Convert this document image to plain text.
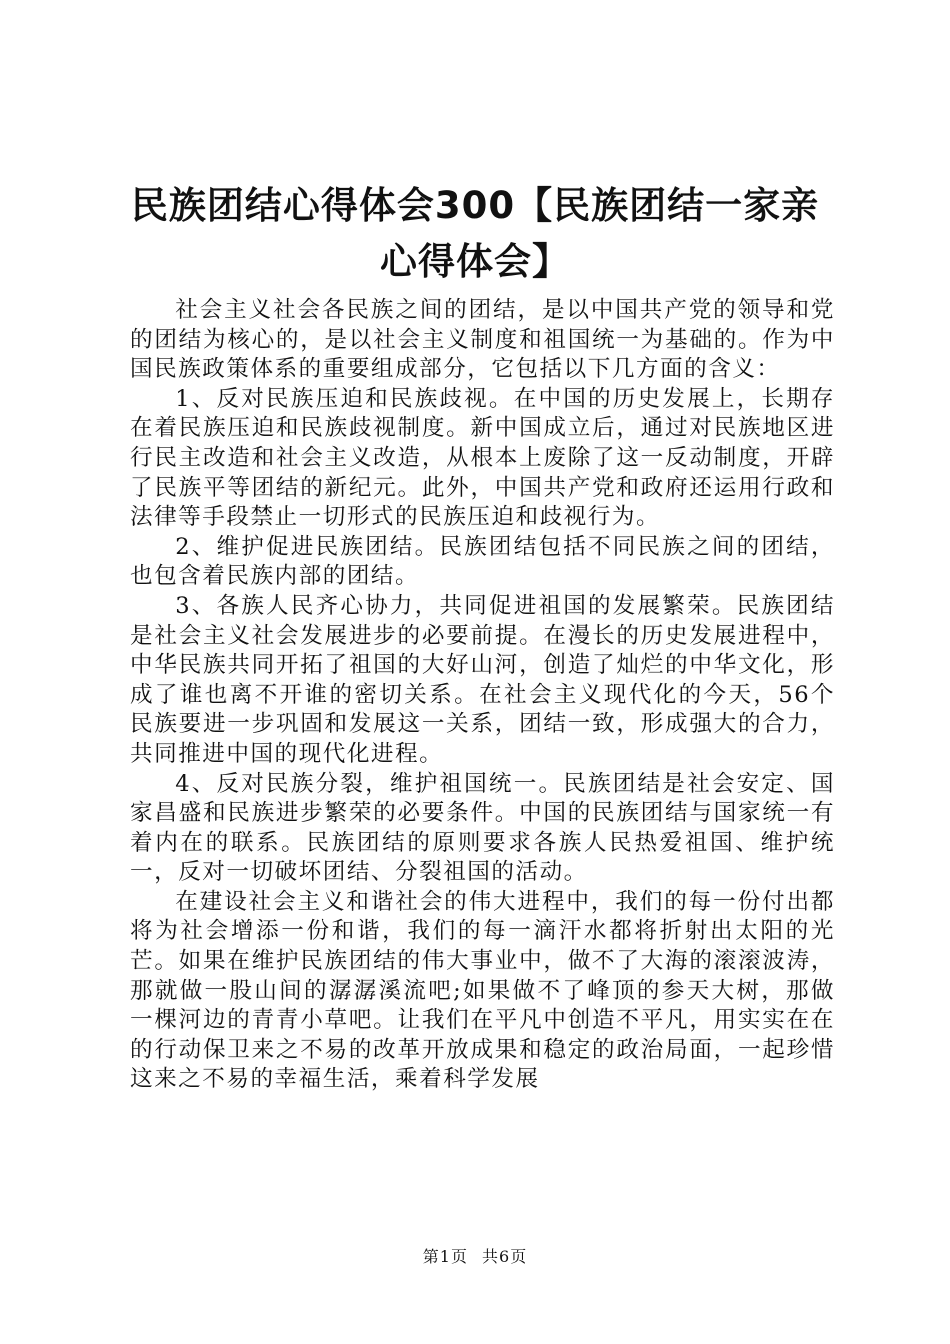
民族团结心得体会300【民族团结一家亲心得体会】

社会主义社会各民族之间的团结，是以中国共产党的领导和党的团结为核心的，是以社会主义制度和祖国统一为基础的。作为中国民族政策体系的重要组成部分，它包括以下几方面的含义：

1、反对民族压迫和民族歧视。在中国的历史发展上，长期存在着民族压迫和民族歧视制度。新中国成立后，通过对民族地区进行民主改造和社会主义改造，从根本上废除了这一反动制度，开辟了民族平等团结的新纪元。此外，中国共产党和政府还运用行政和法律等手段禁止一切形式的民族压迫和歧视行为。

2、维护促进民族团结。民族团结包括不同民族之间的团结，也包含着民族内部的团结。

3、各族人民齐心协力，共同促进祖国的发展繁荣。民族团结是社会主义社会发展进步的必要前提。在漫长的历史发展进程中，中华民族共同开拓了祖国的大好山河，创造了灿烂的中华文化，形成了谁也离不开谁的密切关系。在社会主义现代化的今天，56个民族要进一步巩固和发展这一关系，团结一致，形成强大的合力，共同推进中国的现代化进程。

4、反对民族分裂，维护祖国统一。民族团结是社会安定、国家昌盛和民族进步繁荣的必要条件。中国的民族团结与国家统一有着内在的联系。民族团结的原则要求各族人民热爱祖国、维护统一，反对一切破坏团结、分裂祖国的活动。

在建设社会主义和谐社会的伟大进程中，我们的每一份付出都将为社会增添一份和谐，我们的每一滴汗水都将折射出太阳的光芒。如果在维护民族团结的伟大事业中，做不了大海的滚滚波涛，那就做一股山间的潺潺溪流吧;如果做不了峰顶的参天大树，那做一棵河边的青青小草吧。让我们在平凡中创造不平凡，用实实在在的行动保卫来之不易的改革开放成果和稳定的政治局面，一起珍惜这来之不易的幸福生活，乘着科学发展

第1页 共6页
